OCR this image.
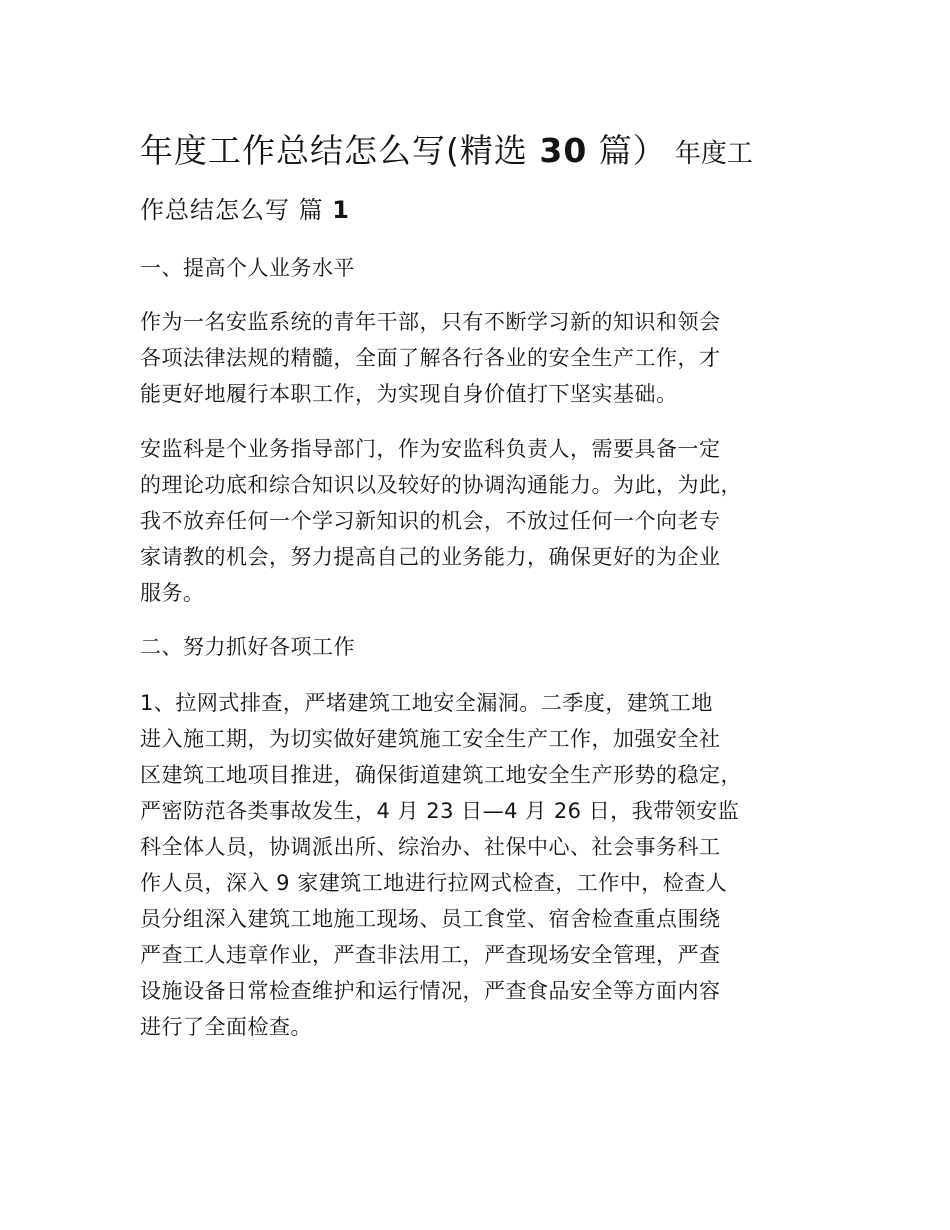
年度工作总结怎么写(精选 30 篇） 年度工
作总结怎么写 篇 1
一、提高个人业务水平
作为一名安监系统的青年干部，只有不断学习新的知识和领会
各项法律法规的精髓，全面了解各行各业的安全生产工作，才
能更好地履行本职工作，为实现自身价值打下坚实基础。
安监科是个业务指导部门，作为安监科负责人，需要具备一定
的理论功底和综合知识以及较好的协调沟通能力。为此，为此，
我不放弃任何一个学习新知识的机会，不放过任何一个向老专
家请教的机会，努力提高自己的业务能力，确保更好的为企业
服务。
二、努力抓好各项工作
1、拉网式排查，严堵建筑工地安全漏洞。二季度，建筑工地
进入施工期，为切实做好建筑施工安全生产工作，加强安全社
区建筑工地项目推进，确保街道建筑工地安全生产形势的稳定，
严密防范各类事故发生，4 月 23 日—4 月 26 日，我带领安监
科全体人员，协调派出所、综治办、社保中心、社会事务科工
作人员，深入 9 家建筑工地进行拉网式检查，工作中，检查人
员分组深入建筑工地施工现场、员工食堂、宿舍检查重点围绕
严查工人违章作业，严查非法用工，严查现场安全管理，严查
设施设备日常检查维护和运行情况，严查食品安全等方面内容
进行了全面检查。
